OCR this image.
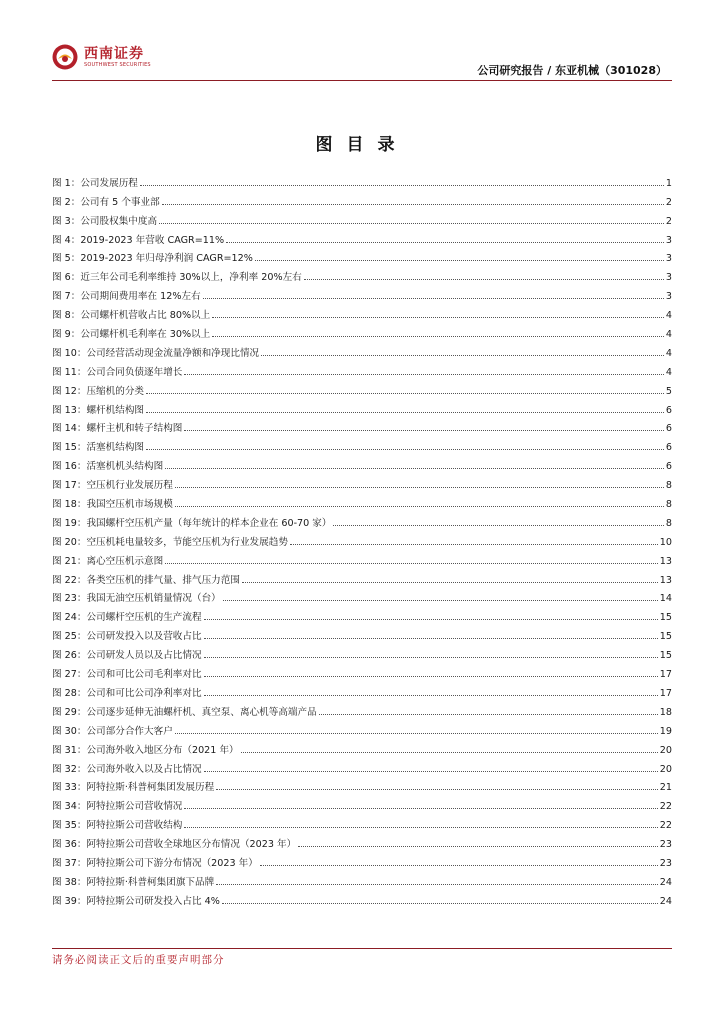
西南证券
SOUTHWEST SECURITIES	公司研究报告 / 东亚机械（301028）
图目录
图 1：公司发展历程	1
图 2：公司有 5 个事业部	2
图 3：公司股权集中度高	2
图 4：2019-2023 年营收 CAGR=11%	3
图 5：2019-2023 年归母净利润 CAGR=12%	3
图 6：近三年公司毛利率维持 30%以上，净利率 20%左右	3
图 7：公司期间费用率在 12%左右	3
图 8：公司螺杆机营收占比 80%以上	4
图 9：公司螺杆机毛利率在 30%以上	4
图 10：公司经营活动现金流量净额和净现比情况	4
图 11：公司合同负债逐年增长	4
图 12：压缩机的分类	5
图 13：螺杆机结构图	6
图 14：螺杆主机和转子结构图	6
图 15：活塞机结构图	6
图 16：活塞机机头结构图	6
图 17：空压机行业发展历程	8
图 18：我国空压机市场规模	8
图 19：我国螺杆空压机产量（每年统计的样本企业在 60-70 家）	8
图 20：空压机耗电量较多，节能空压机为行业发展趋势	10
图 21：离心空压机示意图	13
图 22：各类空压机的排气量、排气压力范围	13
图 23：我国无油空压机销量情况（台）	14
图 24：公司螺杆空压机的生产流程	15
图 25：公司研发投入以及营收占比	15
图 26：公司研发人员以及占比情况	15
图 27：公司和可比公司毛利率对比	17
图 28：公司和可比公司净利率对比	17
图 29：公司逐步延伸无油螺杆机、真空泵、离心机等高端产品	18
图 30：公司部分合作大客户	19
图 31：公司海外收入地区分布（2021 年）	20
图 32：公司海外收入以及占比情况	20
图 33：阿特拉斯·科普柯集团发展历程	21
图 34：阿特拉斯公司营收情况	22
图 35：阿特拉斯公司营收结构	22
图 36：阿特拉斯公司营收全球地区分布情况（2023 年）	23
图 37：阿特拉斯公司下游分布情况（2023 年）	23
图 38：阿特拉斯·科普柯集团旗下品牌	24
图 39：阿特拉斯公司研发投入占比 4%	24
请务必阅读正文后的重要声明部分
